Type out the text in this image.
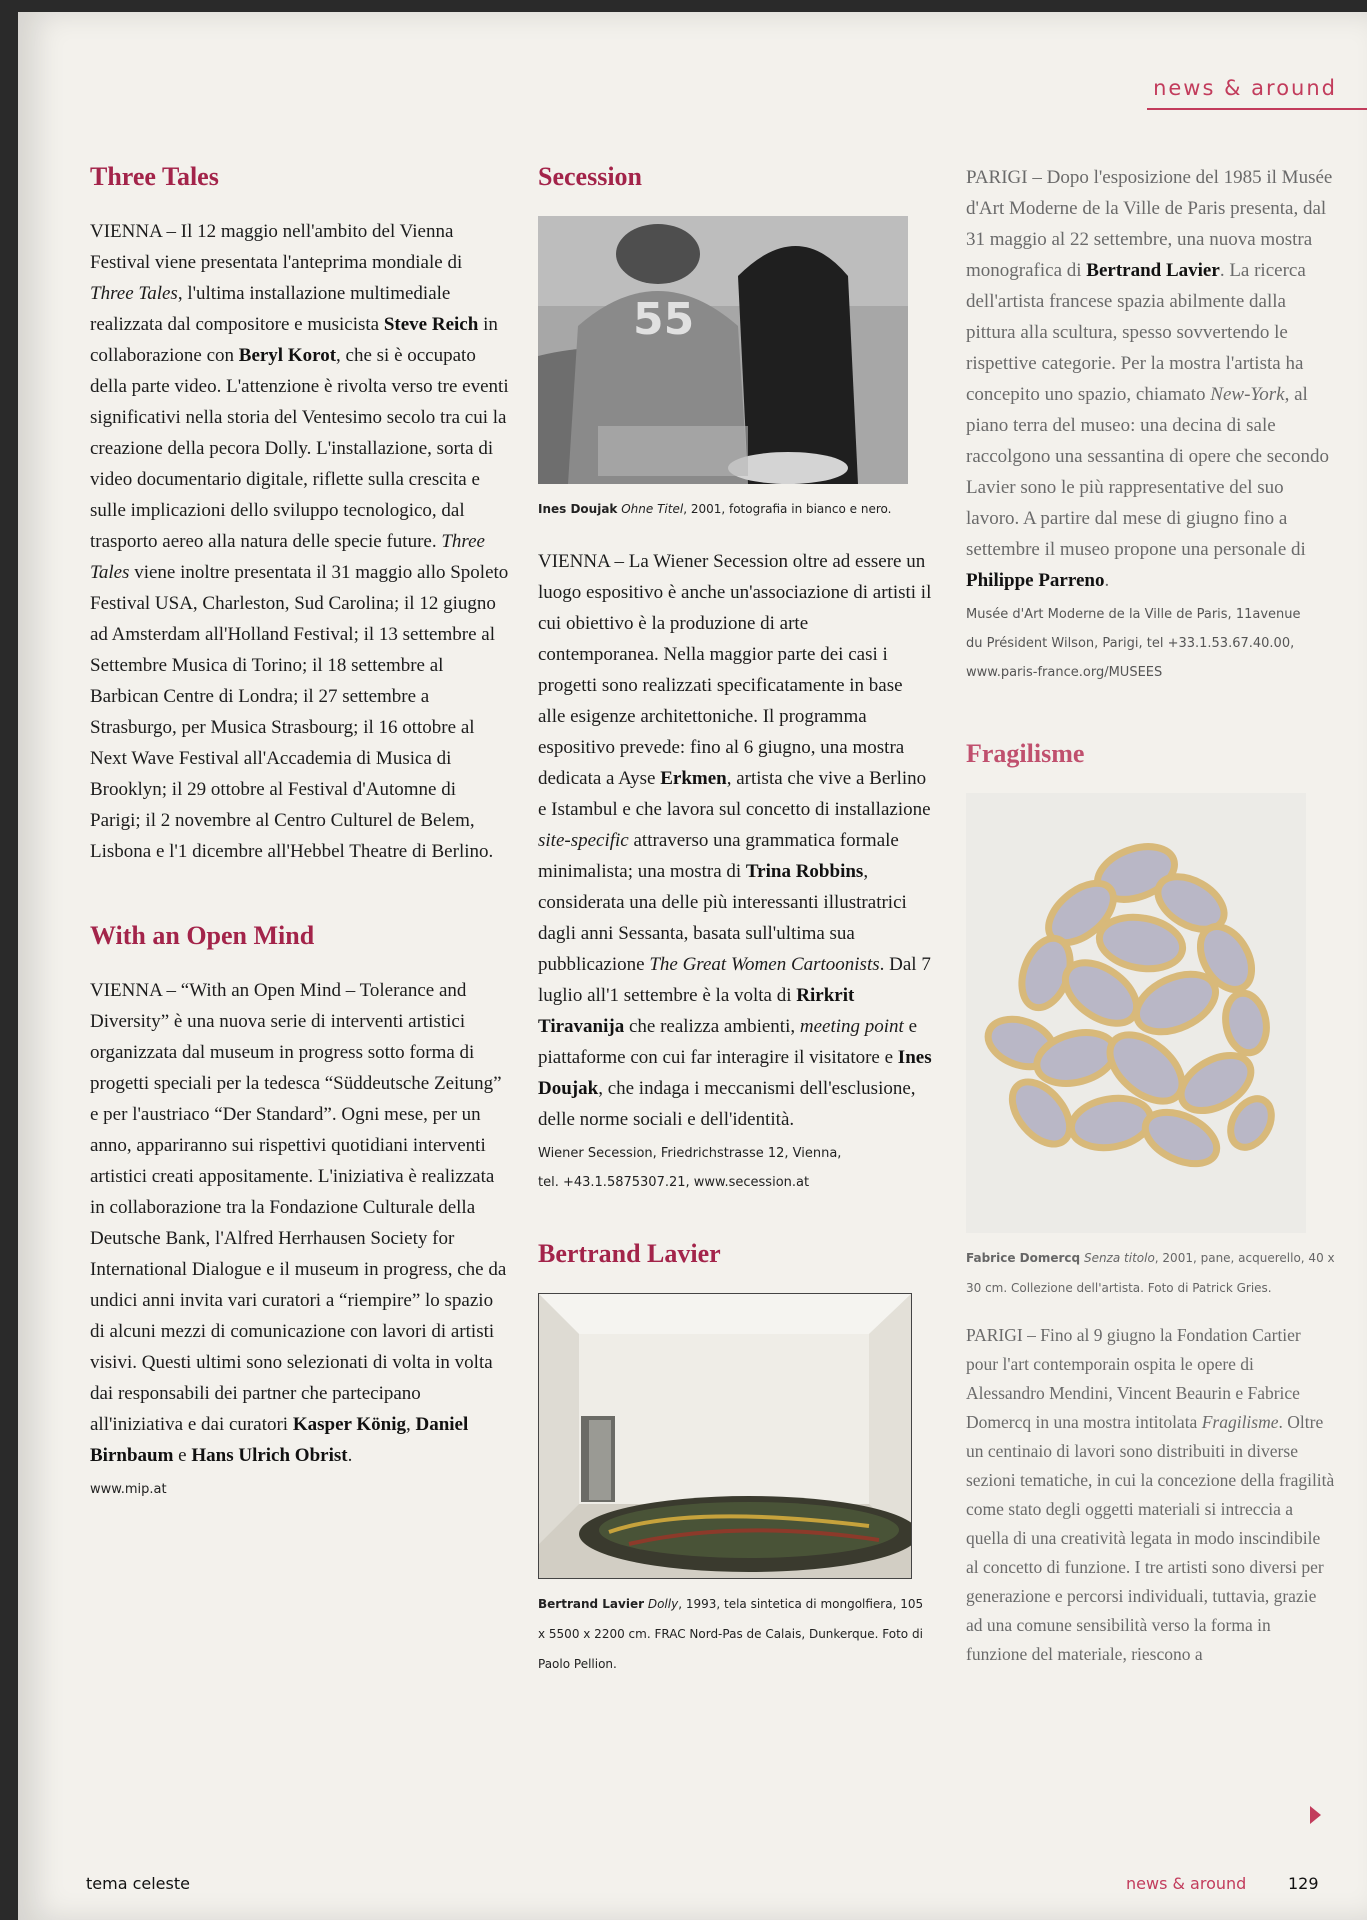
news & around
Three Tales

VIENNA – Il 12 maggio nell'ambito del Vienna Festival viene presentata l'anteprima mondiale di Three Tales, l'ultima installazione multimediale realizzata dal compositore e musicista Steve Reich in collaborazione con Beryl Korot, che si è occupato della parte video. L'attenzione è rivolta verso tre eventi significativi nella storia del Ventesimo secolo tra cui la creazione della pecora Dolly. L'installazione, sorta di video documentario digitale, riflette sulla crescita e sulle implicazioni dello sviluppo tecnologico, dal trasporto aereo alla natura delle specie future. Three Tales viene inoltre presentata il 31 maggio allo Spoleto Festival USA, Charleston, Sud Carolina; il 12 giugno ad Amsterdam all'Holland Festival; il 13 settembre al Settembre Musica di Torino; il 18 settembre al Barbican Centre di Londra; il 27 settembre a Strasburgo, per Musica Strasbourg; il 16 ottobre al Next Wave Festival all'Accademia di Musica di Brooklyn; il 29 ottobre al Festival d'Automne di Parigi; il 2 novembre al Centro Culturel de Belem, Lisbona e l'1 dicembre all'Hebbel Theatre di Berlino.

With an Open Mind

VIENNA – “With an Open Mind – Tolerance and Diversity” è una nuova serie di interventi artistici organizzata dal museum in progress sotto forma di progetti speciali per la tedesca “Süddeutsche Zeitung” e per l'austriaco “Der Standard”. Ogni mese, per un anno, appariranno sui rispettivi quotidiani interventi artistici creati appositamente. L'iniziativa è realizzata in collaborazione tra la Fondazione Culturale della Deutsche Bank, l'Alfred Herrhausen Society for International Dialogue e il museum in progress, che da undici anni invita vari curatori a “riempire” lo spazio di alcuni mezzi di comunicazione con lavori di artisti visivi. Questi ultimi sono selezionati di volta in volta dai responsabili dei partner che partecipano all'iniziativa e dai curatori Kasper König, Daniel Birnbaum e Hans Ulrich Obrist.

www.mip.at

Secession
55

Ines Doujak Ohne Titel, 2001, fotografia in bianco e nero.

VIENNA – La Wiener Secession oltre ad essere un luogo espositivo è anche un'associazione di artisti il cui obiettivo è la produzione di arte contemporanea. Nella maggior parte dei casi i progetti sono realizzati specificatamente in base alle esigenze architettoniche. Il programma espositivo prevede: fino al 6 giugno, una mostra dedicata a Ayse Erkmen, artista che vive a Berlino e Istambul e che lavora sul concetto di installazione site-specific attraverso una grammatica formale minimalista; una mostra di Trina Robbins, considerata una delle più interessanti illustratrici dagli anni Sessanta, basata sull'ultima sua pubblicazione The Great Women Cartoonists. Dal 7 luglio all'1 settembre è la volta di Rirkrit Tiravanija che realizza ambienti, meeting point e piattaforme con cui far interagire il visitatore e Ines Doujak, che indaga i meccanismi dell'esclusione, delle norme sociali e dell'identità.

Wiener Secession, Friedrichstrasse 12, Vienna,
tel. +43.1.5875307.21, www.secession.at

Bertrand Lavier

Bertrand Lavier Dolly, 1993, tela sintetica di mongolfiera, 105 x 5500 x 2200 cm. FRAC Nord-Pas de Calais, Dunkerque. Foto di Paolo Pellion.

PARIGI – Dopo l'esposizione del 1985 il Musée d'Art Moderne de la Ville de Paris presenta, dal 31 maggio al 22 settembre, una nuova mostra monografica di Bertrand Lavier. La ricerca dell'artista francese spazia abilmente dalla pittura alla scultura, spesso sovvertendo le rispettive categorie. Per la mostra l'artista ha concepito uno spazio, chiamato New-York, al piano terra del museo: una decina di sale raccolgono una sessantina di opere che secondo Lavier sono le più rappresentative del suo lavoro. A partire dal mese di giugno fino a settembre il museo propone una personale di Philippe Parreno.

Musée d'Art Moderne de la Ville de Paris, 11avenue
du Président Wilson, Parigi, tel +33.1.53.67.40.00,
www.paris-france.org/MUSEES

Fragilisme

Fabrice Domercq Senza titolo, 2001, pane, acquerello, 40 x 30 cm. Collezione dell'artista. Foto di Patrick Gries.

PARIGI – Fino al 9 giugno la Fondation Cartier pour l'art contemporain ospita le opere di Alessandro Mendini, Vincent Beaurin e Fabrice Domercq in una mostra intitolata Fragilisme. Oltre un centinaio di lavori sono distribuiti in diverse sezioni tematiche, in cui la concezione della fragilità come stato degli oggetti materiali si intreccia a quella di una creatività legata in modo inscindibile al concetto di funzione. I tre artisti sono diversi per generazione e percorsi individuali, tuttavia, grazie ad una comune sensibilità verso la forma in funzione del materiale, riescono a

tema celeste	news & around	129
